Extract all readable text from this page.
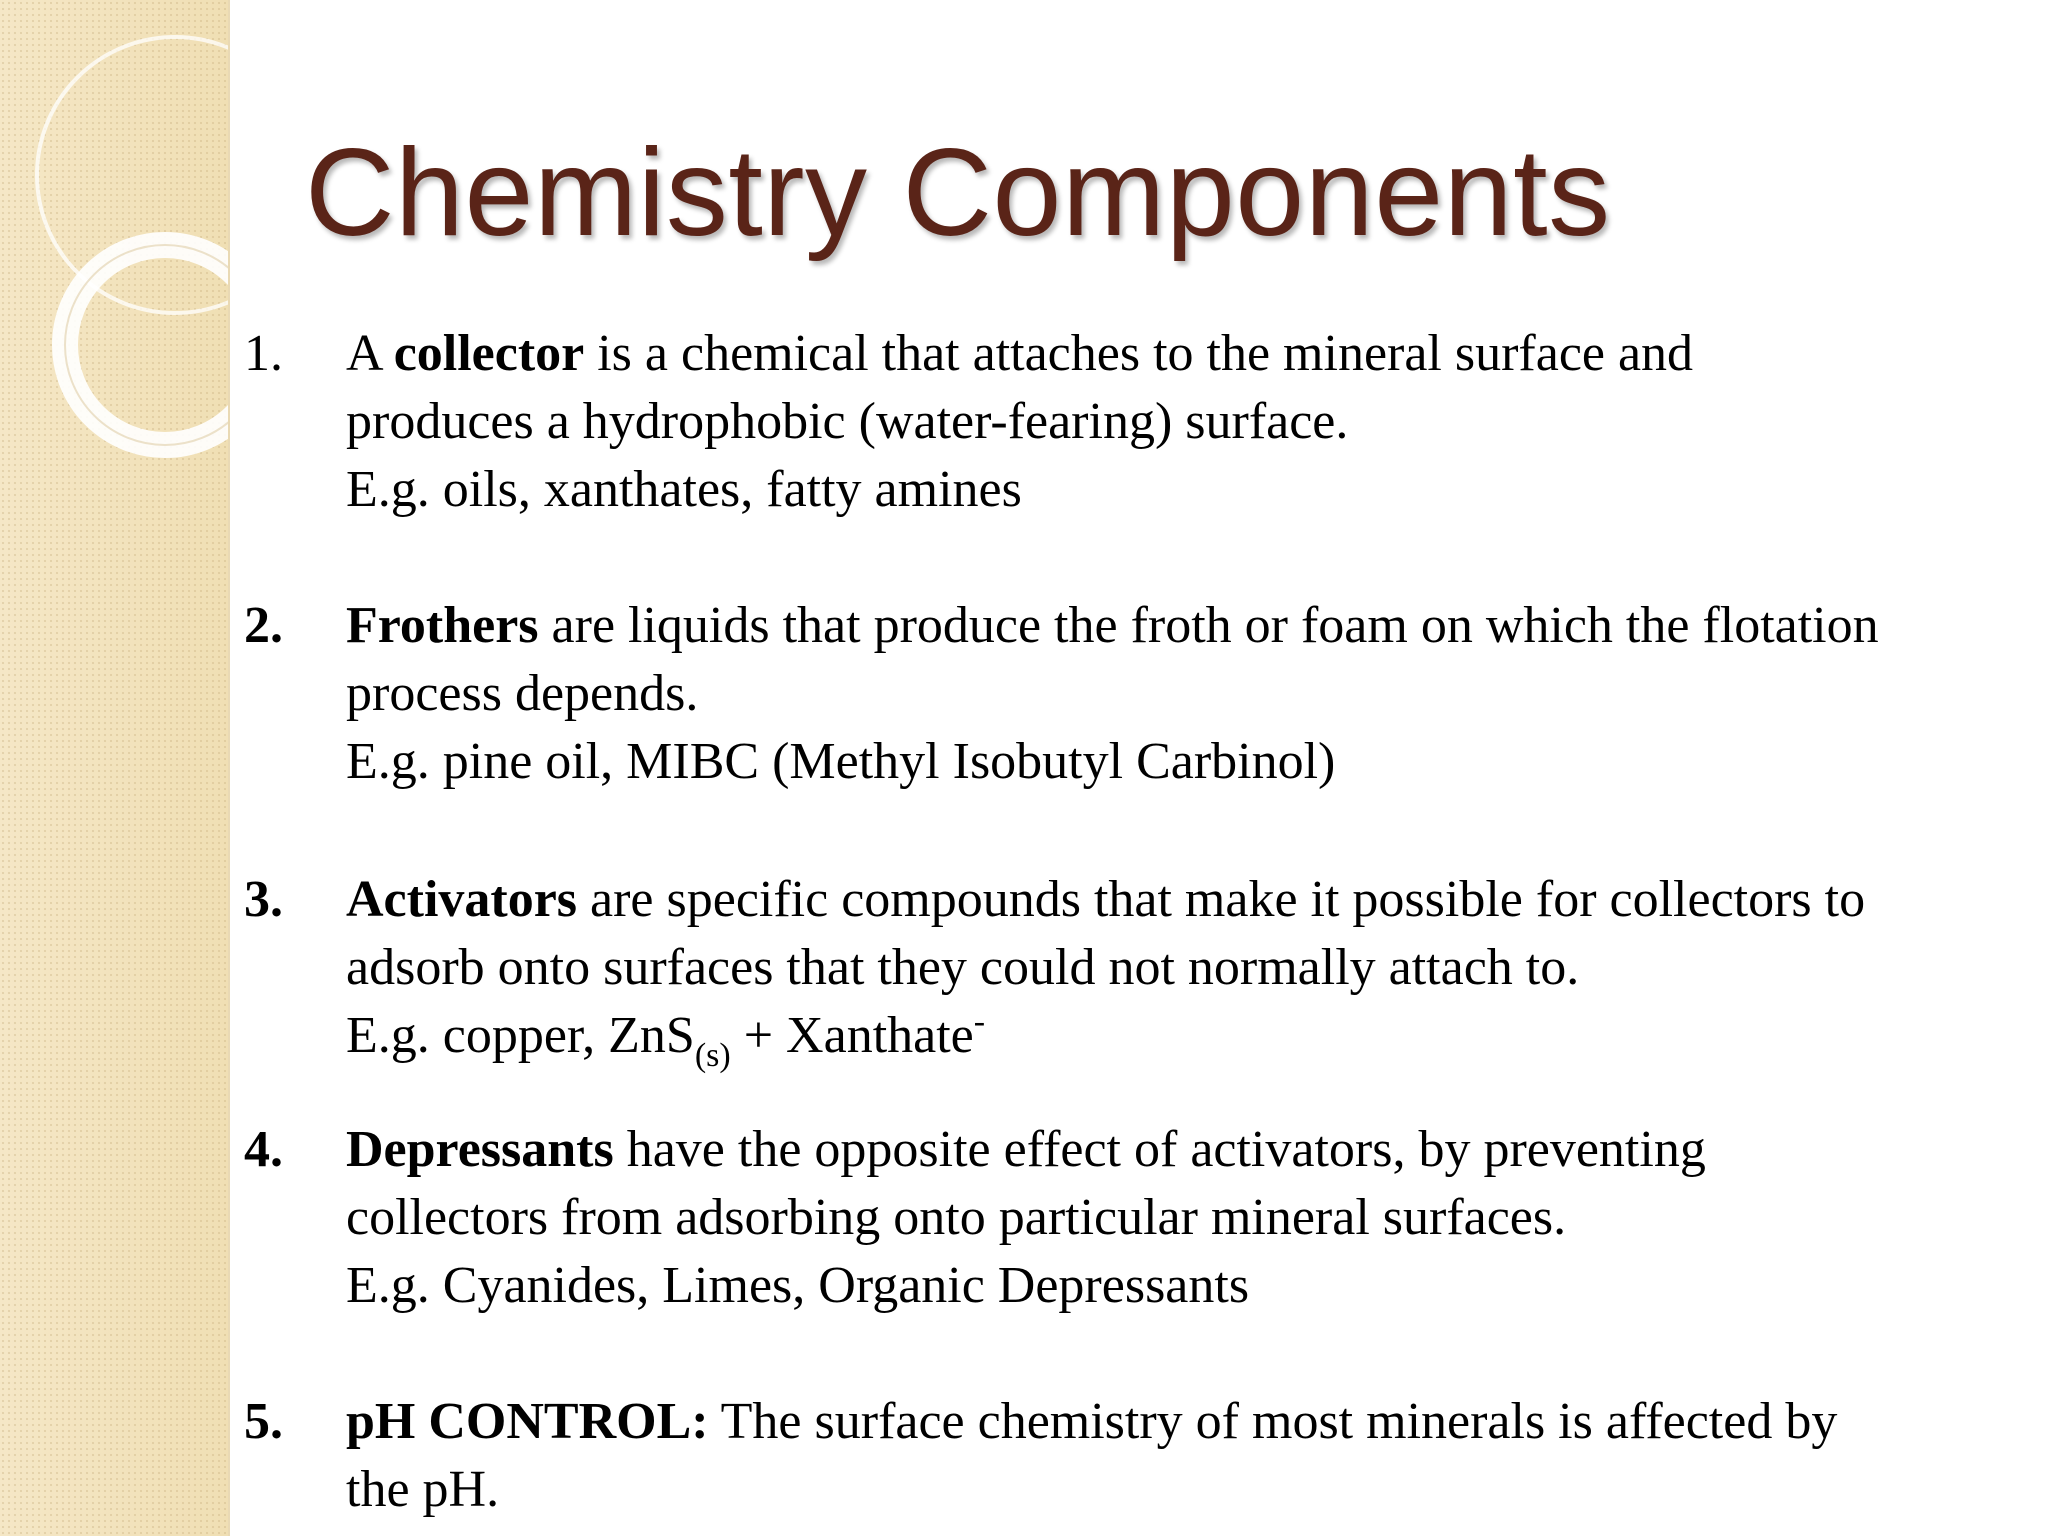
Chemistry Components
1. A collector is a chemical that attaches to the mineral surface and
produces a hydrophobic (water-fearing) surface.
E.g. oils, xanthates, fatty amines
2. Frothers are liquids that produce the froth or foam on which the flotation
process depends.
E.g. pine oil, MIBC (Methyl Isobutyl Carbinol)
3. Activators are specific compounds that make it possible for collectors to
adsorb onto surfaces that they could not normally attach to.
E.g. copper, ZnS$_{(s)}$ + Xanthate-
4. Depressants have the opposite effect of activators, by preventing
collectors from adsorbing onto particular mineral surfaces.
E.g. Cyanides, Limes, Organic Depressants
5. pH CONTROL: The surface chemistry of most minerals is affected by
the pH.
